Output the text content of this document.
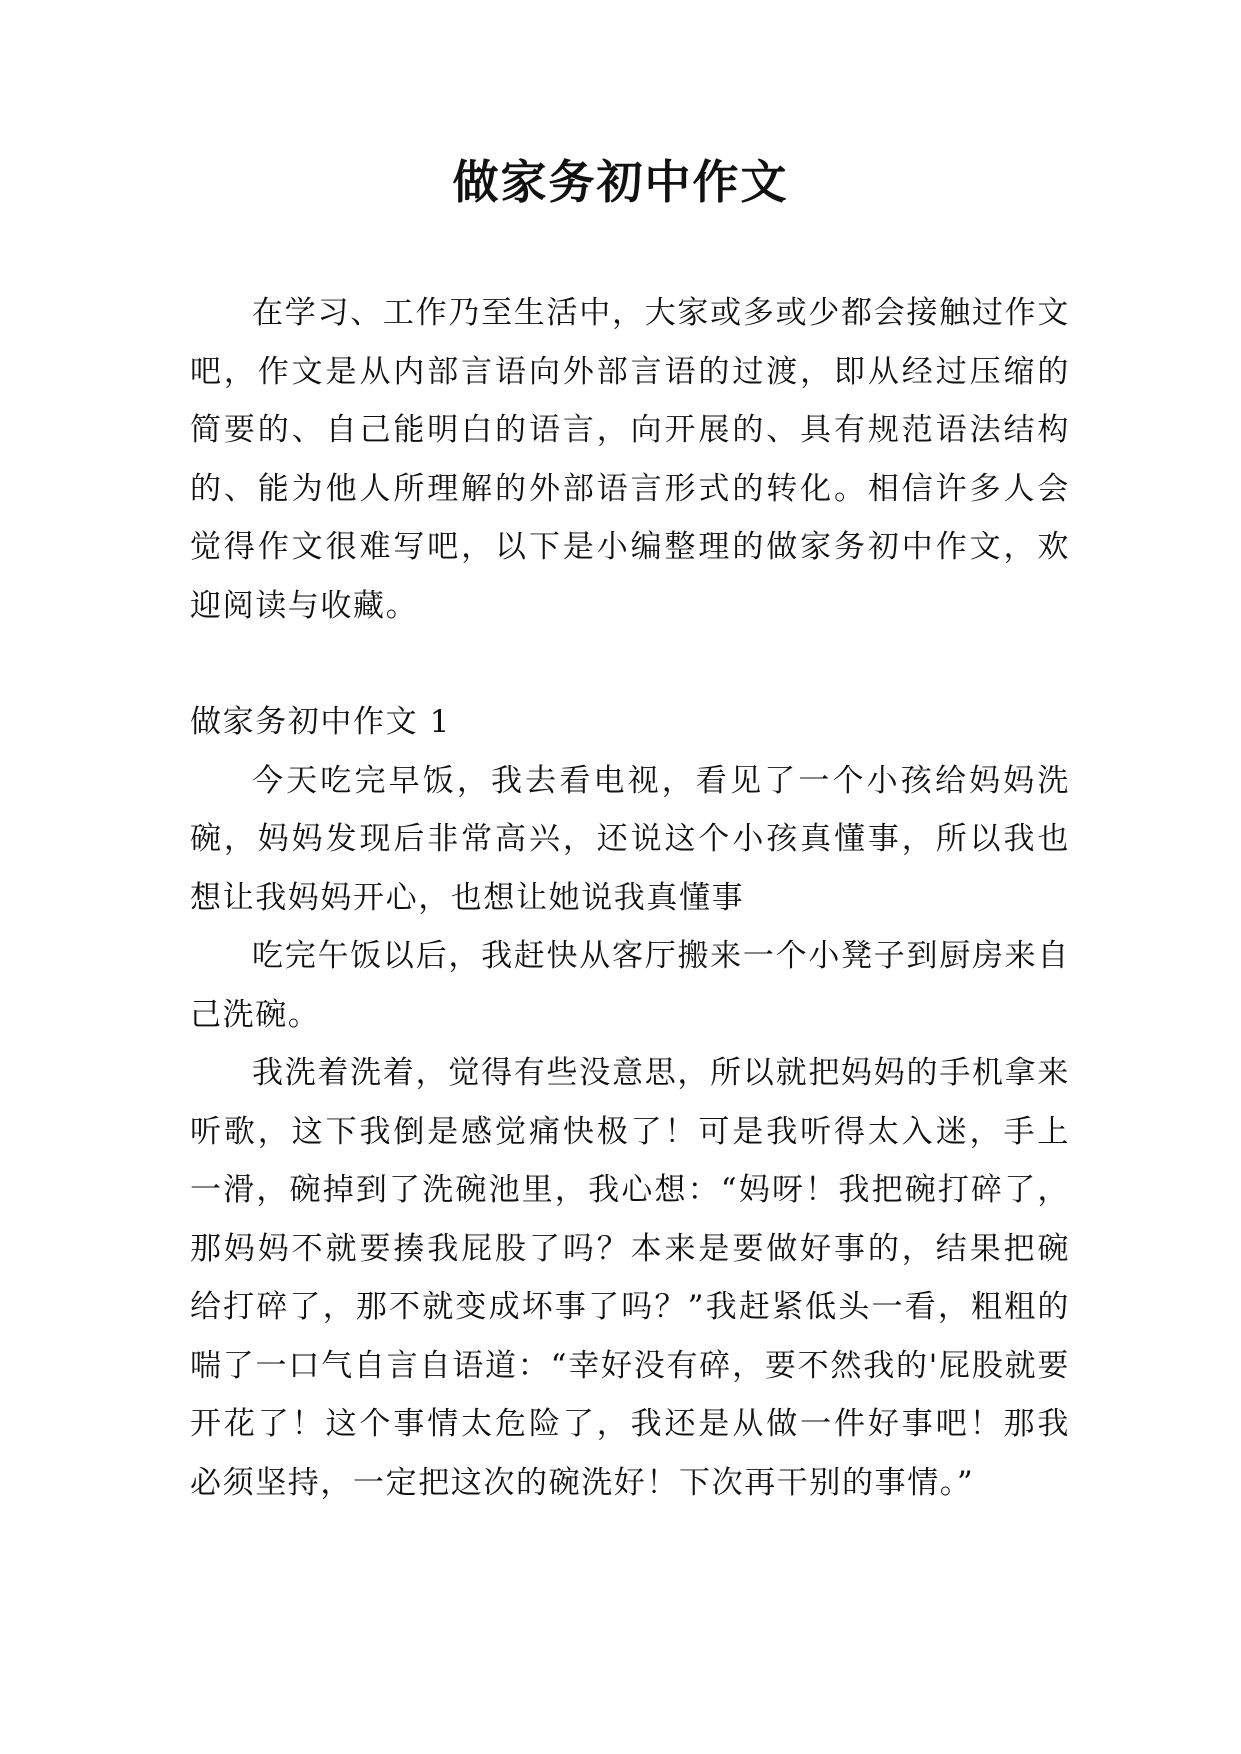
做家务初中作文

在学习、工作乃至生活中，大家或多或少都会接触过作文吧，作文是从内部言语向外部言语的过渡，即从经过压缩的简要的、自己能明白的语言，向开展的、具有规范语法结构的、能为他人所理解的外部语言形式的转化。相信许多人会觉得作文很难写吧，以下是小编整理的做家务初中作文，欢迎阅读与收藏。

做家务初中作文 1

今天吃完早饭，我去看电视，看见了一个小孩给妈妈洗碗，妈妈发现后非常高兴，还说这个小孩真懂事，所以我也想让我妈妈开心，也想让她说我真懂事

吃完午饭以后，我赶快从客厅搬来一个小凳子到厨房来自己洗碗。

我洗着洗着，觉得有些没意思，所以就把妈妈的手机拿来听歌，这下我倒是感觉痛快极了！可是我听得太入迷，手上一滑，碗掉到了洗碗池里，我心想：“妈呀！我把碗打碎了，那妈妈不就要揍我屁股了吗？本来是要做好事的，结果把碗给打碎了，那不就变成坏事了吗？”我赶紧低头一看，粗粗的喘了一口气自言自语道：“幸好没有碎，要不然我的'屁股就要开花了！这个事情太危险了，我还是从做一件好事吧！那我必须坚持，一定把这次的碗洗好！下次再干别的事情。”
